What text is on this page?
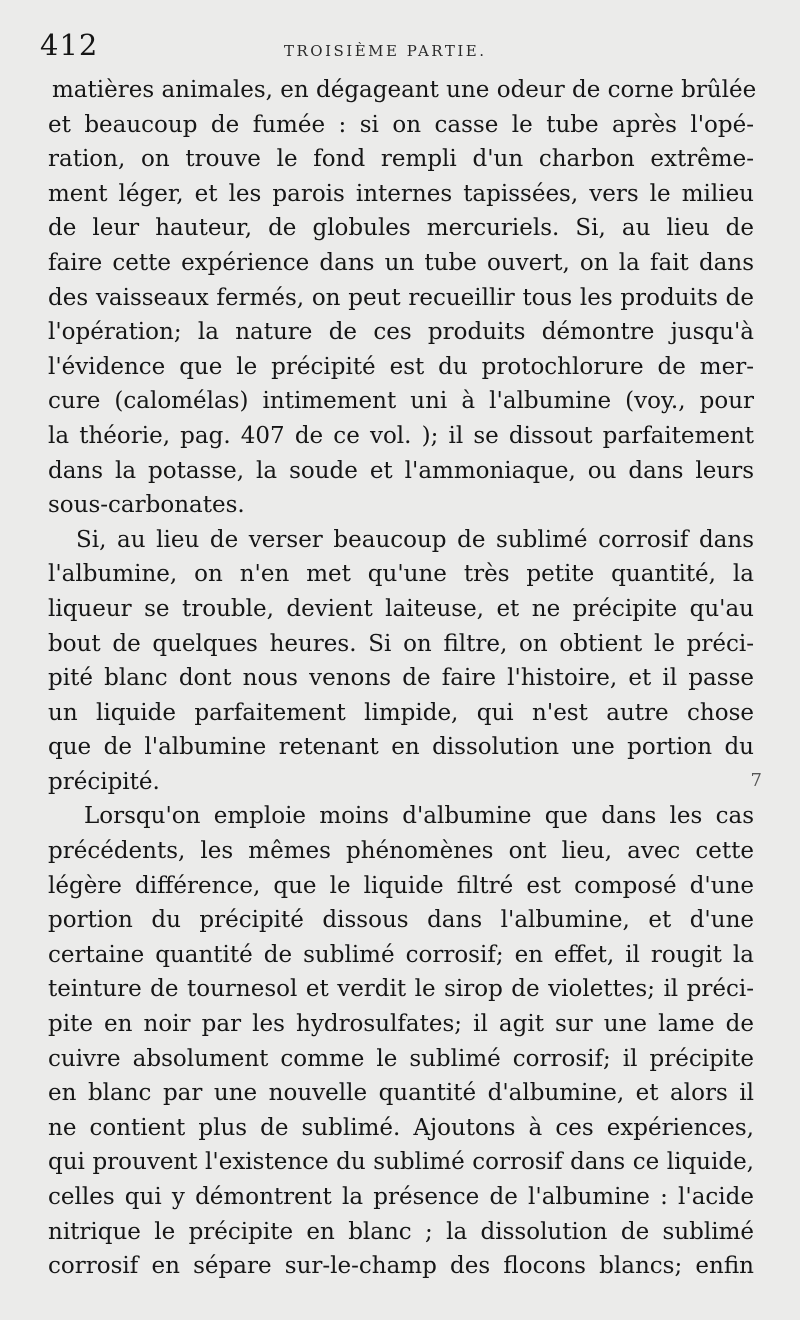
412	TROISIÈME PARTIE.
matières animales, en dégageant une odeur de corne brûlée
et beaucoup de fumée : si on casse le tube après l'opé-
ration, on trouve le fond rempli d'un charbon extrême-
ment léger, et les parois internes tapissées, vers le milieu
de leur hauteur, de globules mercuriels. Si, au lieu de
faire cette expérience dans un tube ouvert, on la fait dans
des vaisseaux fermés, on peut recueillir tous les produits de
l'opération; la nature de ces produits démontre jusqu'à
l'évidence que le précipité est du protochlorure de mer-
cure (calomélas) intimement uni à l'albumine (voy., pour
la théorie, pag. 407 de ce vol. ); il se dissout parfaitement
dans la potasse, la soude et l'ammoniaque, ou dans leurs
sous-carbonates.
Si, au lieu de verser beaucoup de sublimé corrosif dans
l'albumine, on n'en met qu'une très petite quantité, la
liqueur se trouble, devient laiteuse, et ne précipite qu'au
bout de quelques heures. Si on filtre, on obtient le préci-
pité blanc dont nous venons de faire l'histoire, et il passe
un liquide parfaitement limpide, qui n'est autre chose
que de l'albumine retenant en dissolution une portion du
précipité.
Lorsqu'on emploie moins d'albumine que dans les cas
précédents, les mêmes phénomènes ont lieu, avec cette
légère différence, que le liquide filtré est composé d'une
portion du précipité dissous dans l'albumine, et d'une
certaine quantité de sublimé corrosif; en effet, il rougit la
teinture de tournesol et verdit le sirop de violettes; il préci-
pite en noir par les hydrosulfates; il agit sur une lame de
cuivre absolument comme le sublimé corrosif; il précipite
en blanc par une nouvelle quantité d'albumine, et alors il
ne contient plus de sublimé. Ajoutons à ces expériences,
qui prouvent l'existence du sublimé corrosif dans ce liquide,
celles qui y démontrent la présence de l'albumine : l'acide
nitrique le précipite en blanc ; la dissolution de sublimé
corrosif en sépare sur-le-champ des flocons blancs; enfin
7
